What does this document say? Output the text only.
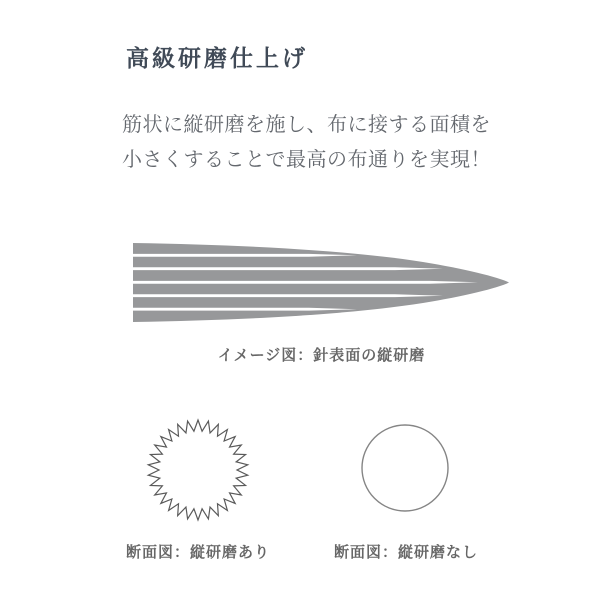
高級研磨仕上げ
筋状に縦研磨を施し、布に接する面積を
小さくすることで最高の布通りを実現！
イメージ図：針表面の縦研磨
断面図：縦研磨あり	断面図：縦研磨なし
